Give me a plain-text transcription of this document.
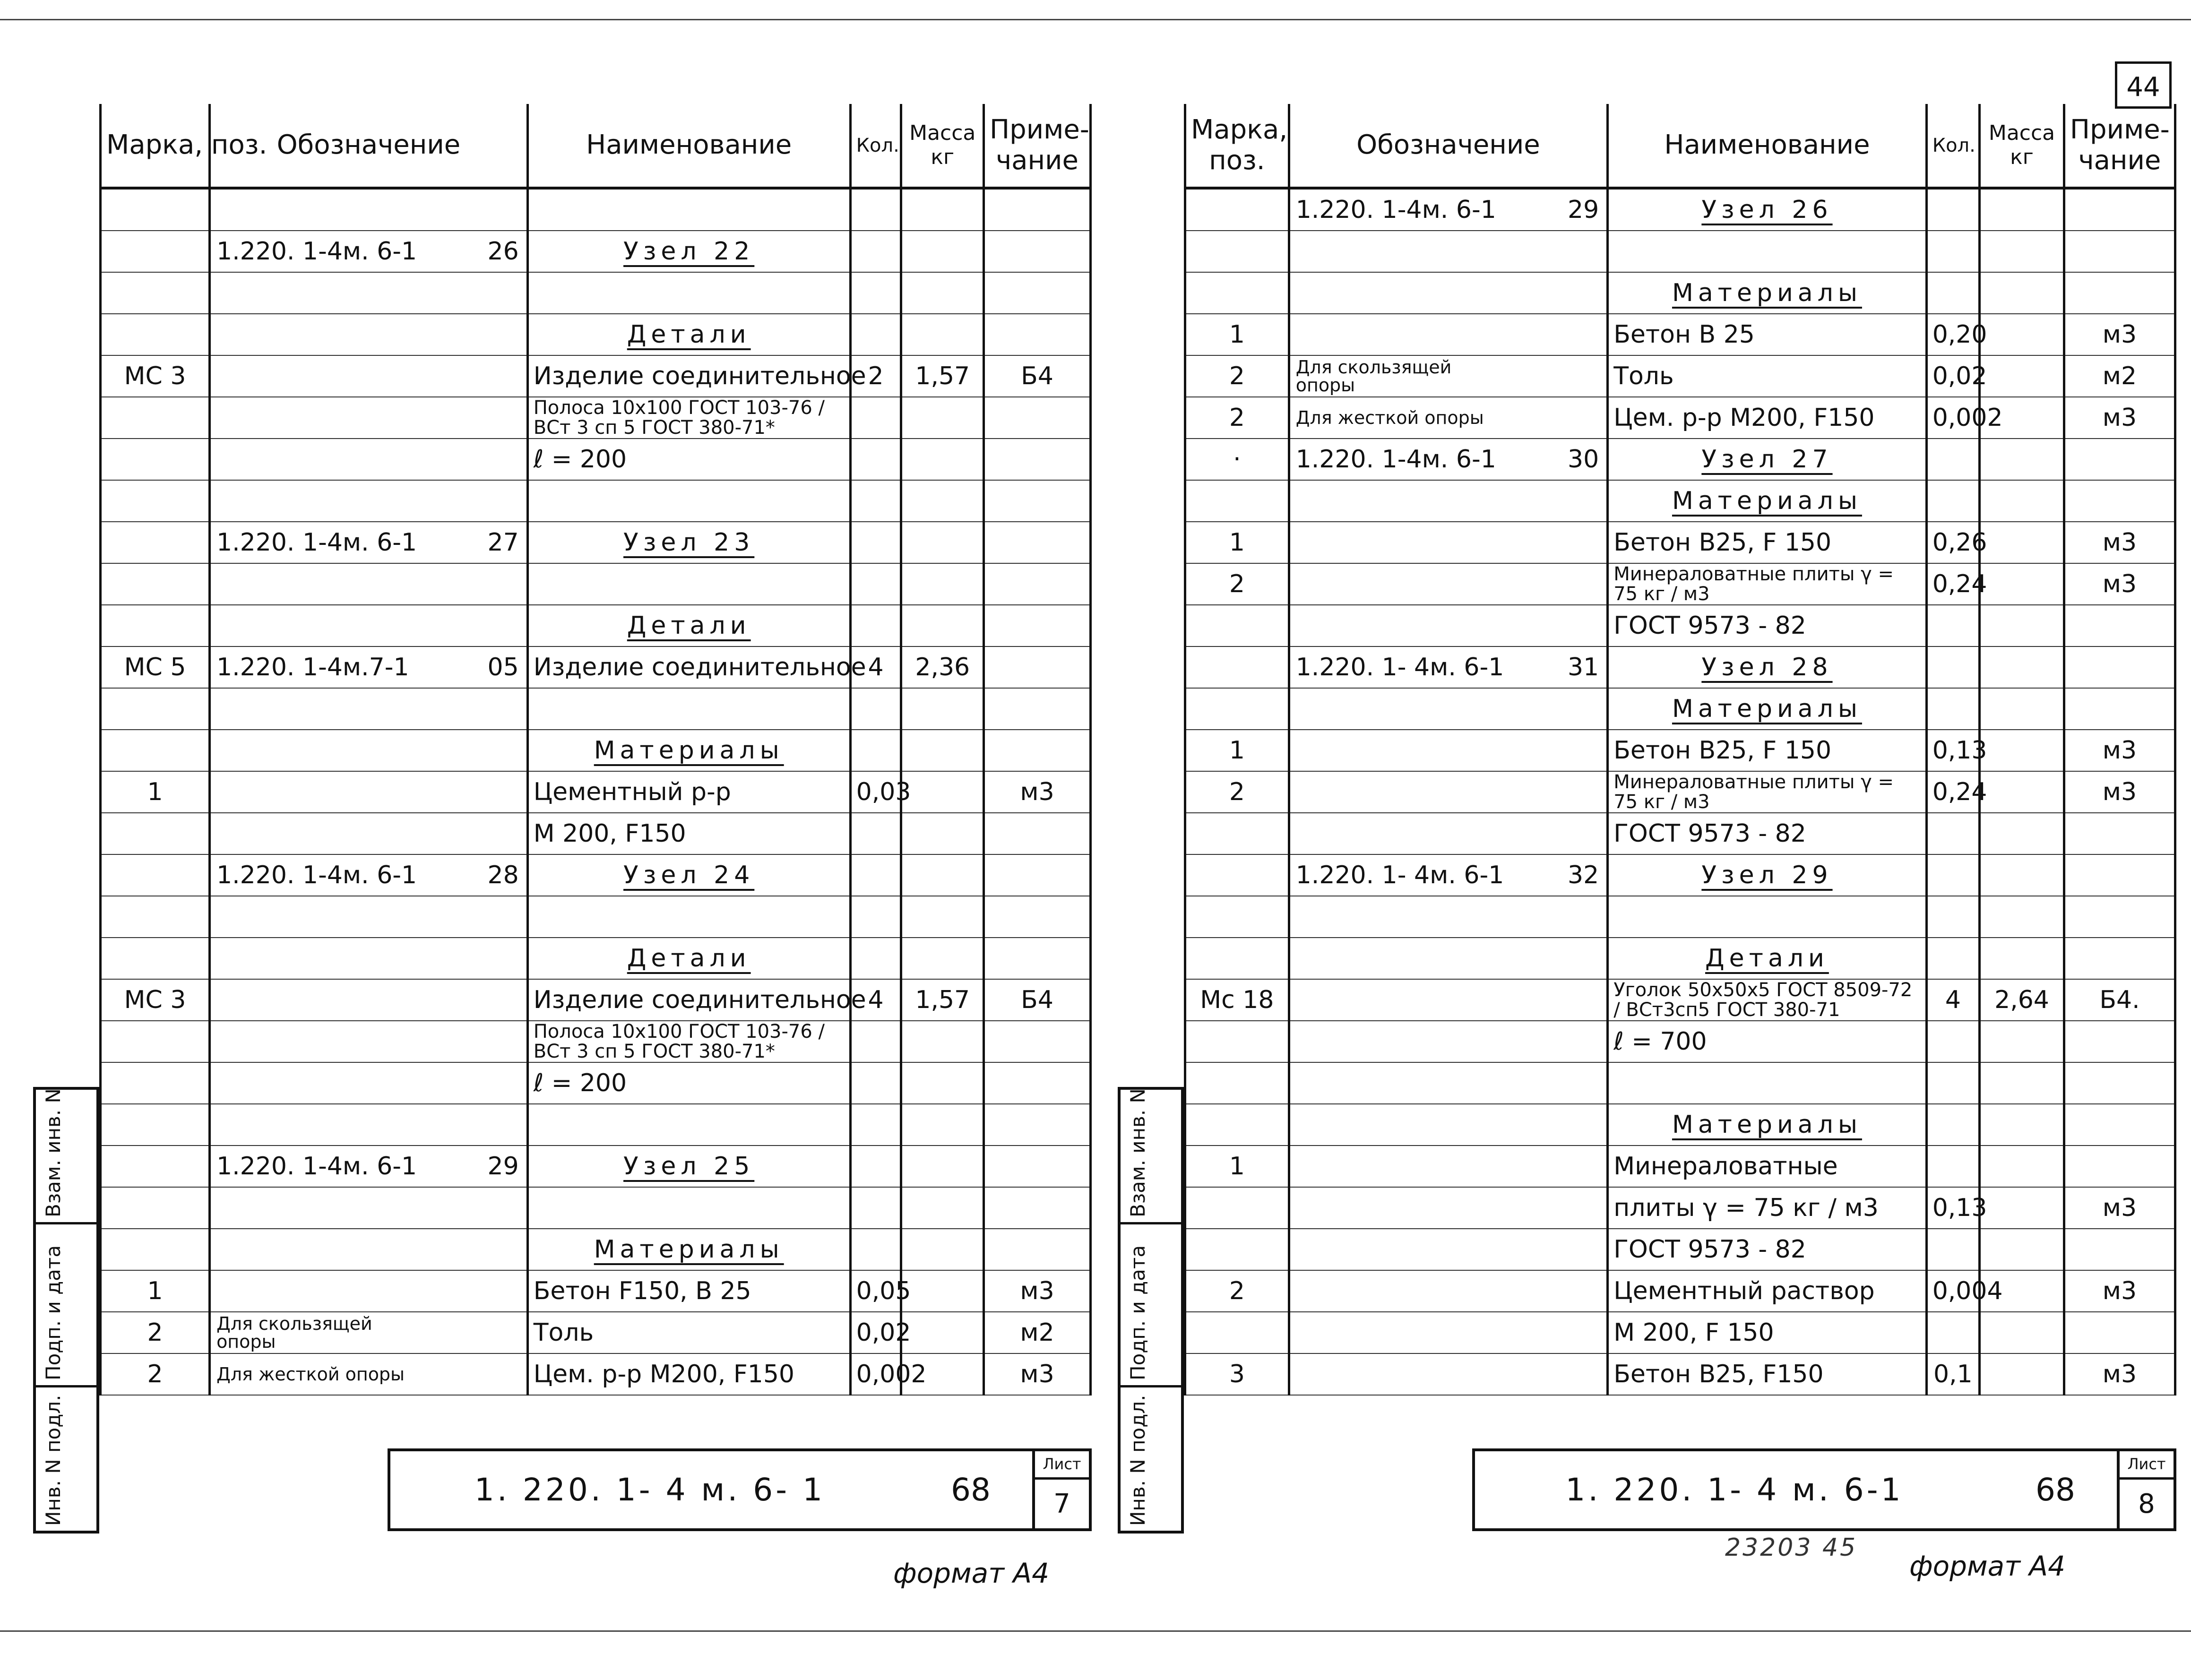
Марка, поз.	Обозначение	Наименование	Кол.	Масса кг	Приме- чание

	1.220. 1-4м. 6-1 26	Узел 22			

	Детали			
МС 3		Изделие соединительное	2	1,57	Б4

	Полоса 10х100 ГОСТ 103-76 / ВСт 3 сп 5 ГОСТ 380-71*			

	ℓ = 200			

	1.220. 1-4м. 6-1 27	Узел 23			

	Детали			
МС 5	1.220. 1-4м.7-1 05	Изделие соединительное	4	2,36	

	Материалы			
1		Цементный р-р	0,03		м3

	М 200, F150			

	1.220. 1-4м. 6-1 28	Узел 24			

	Детали			
МС 3		Изделие соединительное	4	1,57	Б4

	Полоса 10х100 ГОСТ 103-76 / ВСт 3 сп 5 ГОСТ 380-71*			

	ℓ = 200			

	1.220. 1-4м. 6-1 29	Узел 25			

	Материалы			
1		Бетон F150, В 25	0,05		м3
2	Для скользящей опоры	Толь	0,02		м2
2	Для жесткой опоры	Цем. р-р М200, F150	0,002		м3
1. 220. 1- 4 м. 6- 1	68
Лист
7
Взам. инв. N
Подп. и дата
Инв. N подл.
формат А4
44
Марка, поз.	Обозначение	Наименование	Кол.	Масса кг	Приме- чание

	1.220. 1-4м. 6-1 29	Узел 26			

	Материалы			
1		Бетон В 25	0,20		м3
2	Для скользящей опоры	Толь	0,02		м2
2	Для жесткой опоры	Цем. р-р М200, F150	0,002		м3
·	1.220. 1-4м. 6-1 30	Узел 27			

	Материалы			
1		Бетон В25, F 150	0,26		м3
2		Минераловатные плиты γ = 75 кг / м3	0,24		м3

	ГОСТ 9573 - 82			

	1.220. 1- 4м. 6-1 31	Узел 28			

	Материалы			
1		Бетон В25, F 150	0,13		м3
2		Минераловатные плиты γ = 75 кг / м3	0,24		м3

	ГОСТ 9573 - 82			

	1.220. 1- 4м. 6-1 32	Узел 29			

	Детали			
Мс 18		Уголок 50х50х5 ГОСТ 8509-72 / ВСт3сп5 ГОСТ 380-71	4	2,64	Б4.

	ℓ = 700			

	Материалы			
1		Минераловатные			

	плиты γ = 75 кг / м3	0,13		м3

	ГОСТ 9573 - 82			
2		Цементный раствор	0,004		м3

	М 200, F 150			
3		Бетон В25, F150	0,1		м3
1. 220. 1- 4 м. 6-1	68
Лист
8
Взам. инв. N
Подп. и дата
Инв. N подл.
23203 45
формат А4
